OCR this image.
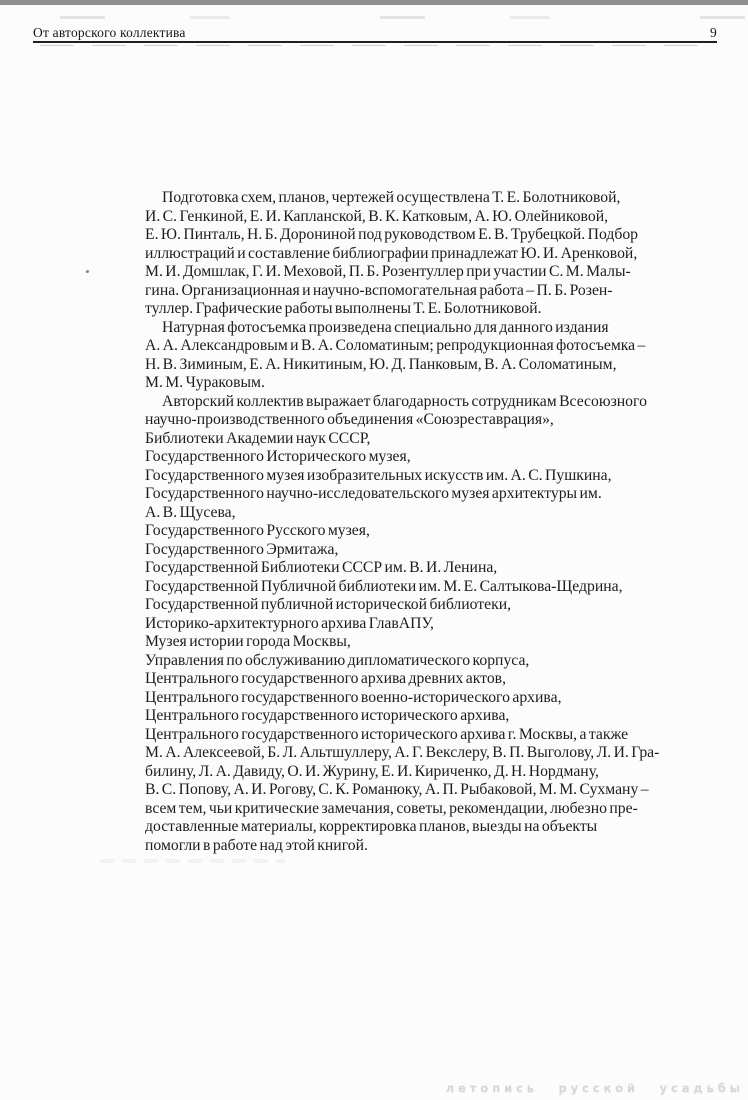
От авторского коллектива	9
Подготовка схем, планов, чертежей осуществлена Т. Е. Болотниковой,
И. С. Генкиной, Е. И. Капланской, В. К. Катковым, А. Ю. Олейниковой,
Е. Ю. Пинталь, Н. Б. Дорониной под руководством Е. В. Трубецкой. Подбор
иллюстраций и составление библиографии принадлежат Ю. И. Аренковой,
М. И. Домшлак, Г. И. Меховой, П. Б. Розентуллер при участии С. М. Малы-
гина. Организационная и научно-вспомогательная работа – П. Б. Розен-
туллер. Графические работы выполнены Т. Е. Болотниковой.
Натурная фотосъемка произведена специально для данного издания
А. А. Александровым и В. А. Соломатиным; репродукционная фотосъемка –
Н. В. Зиминым, Е. А. Никитиным, Ю. Д. Панковым, В. А. Соломатиным,
М. М. Чураковым.
Авторский коллектив выражает благодарность сотрудникам Всесоюзного
научно-производственного объединения «Союзреставрация»,
Библиотеки Академии наук СССР,
Государственного Исторического музея,
Государственного музея изобразительных искусств им. А. С. Пушкина,
Государственного научно-исследовательского музея архитектуры им.
А. В. Щусева,
Государственного Русского музея,
Государственного Эрмитажа,
Государственной Библиотеки СССР им. В. И. Ленина,
Государственной Публичной библиотеки им. М. Е. Салтыкова-Щедрина,
Государственной публичной исторической библиотеки,
Историко-архитектурного архива ГлавАПУ,
Музея истории города Москвы,
Управления по обслуживанию дипломатического корпуса,
Центрального государственного архива древних актов,
Центрального государственного военно-исторического архива,
Центрального государственного исторического архива,
Центрального государственного исторического архива г. Москвы, а также
М. А. Алексеевой, Б. Л. Альтшуллеру, А. Г. Векслеру, В. П. Выголову, Л. И. Гра-
билину, Л. А. Давиду, О. И. Журину, Е. И. Кириченко, Д. Н. Нордману,
В. С. Попову, А. И. Рогову, С. К. Романюку, А. П. Рыбаковой, М. М. Сухману –
всем тем, чьи критические замечания, советы, рекомендации, любезно пре-
доставленные материалы, корректировка планов, выезды на объекты
помогли в работе над этой книгой.
летопись русской усадьбы
